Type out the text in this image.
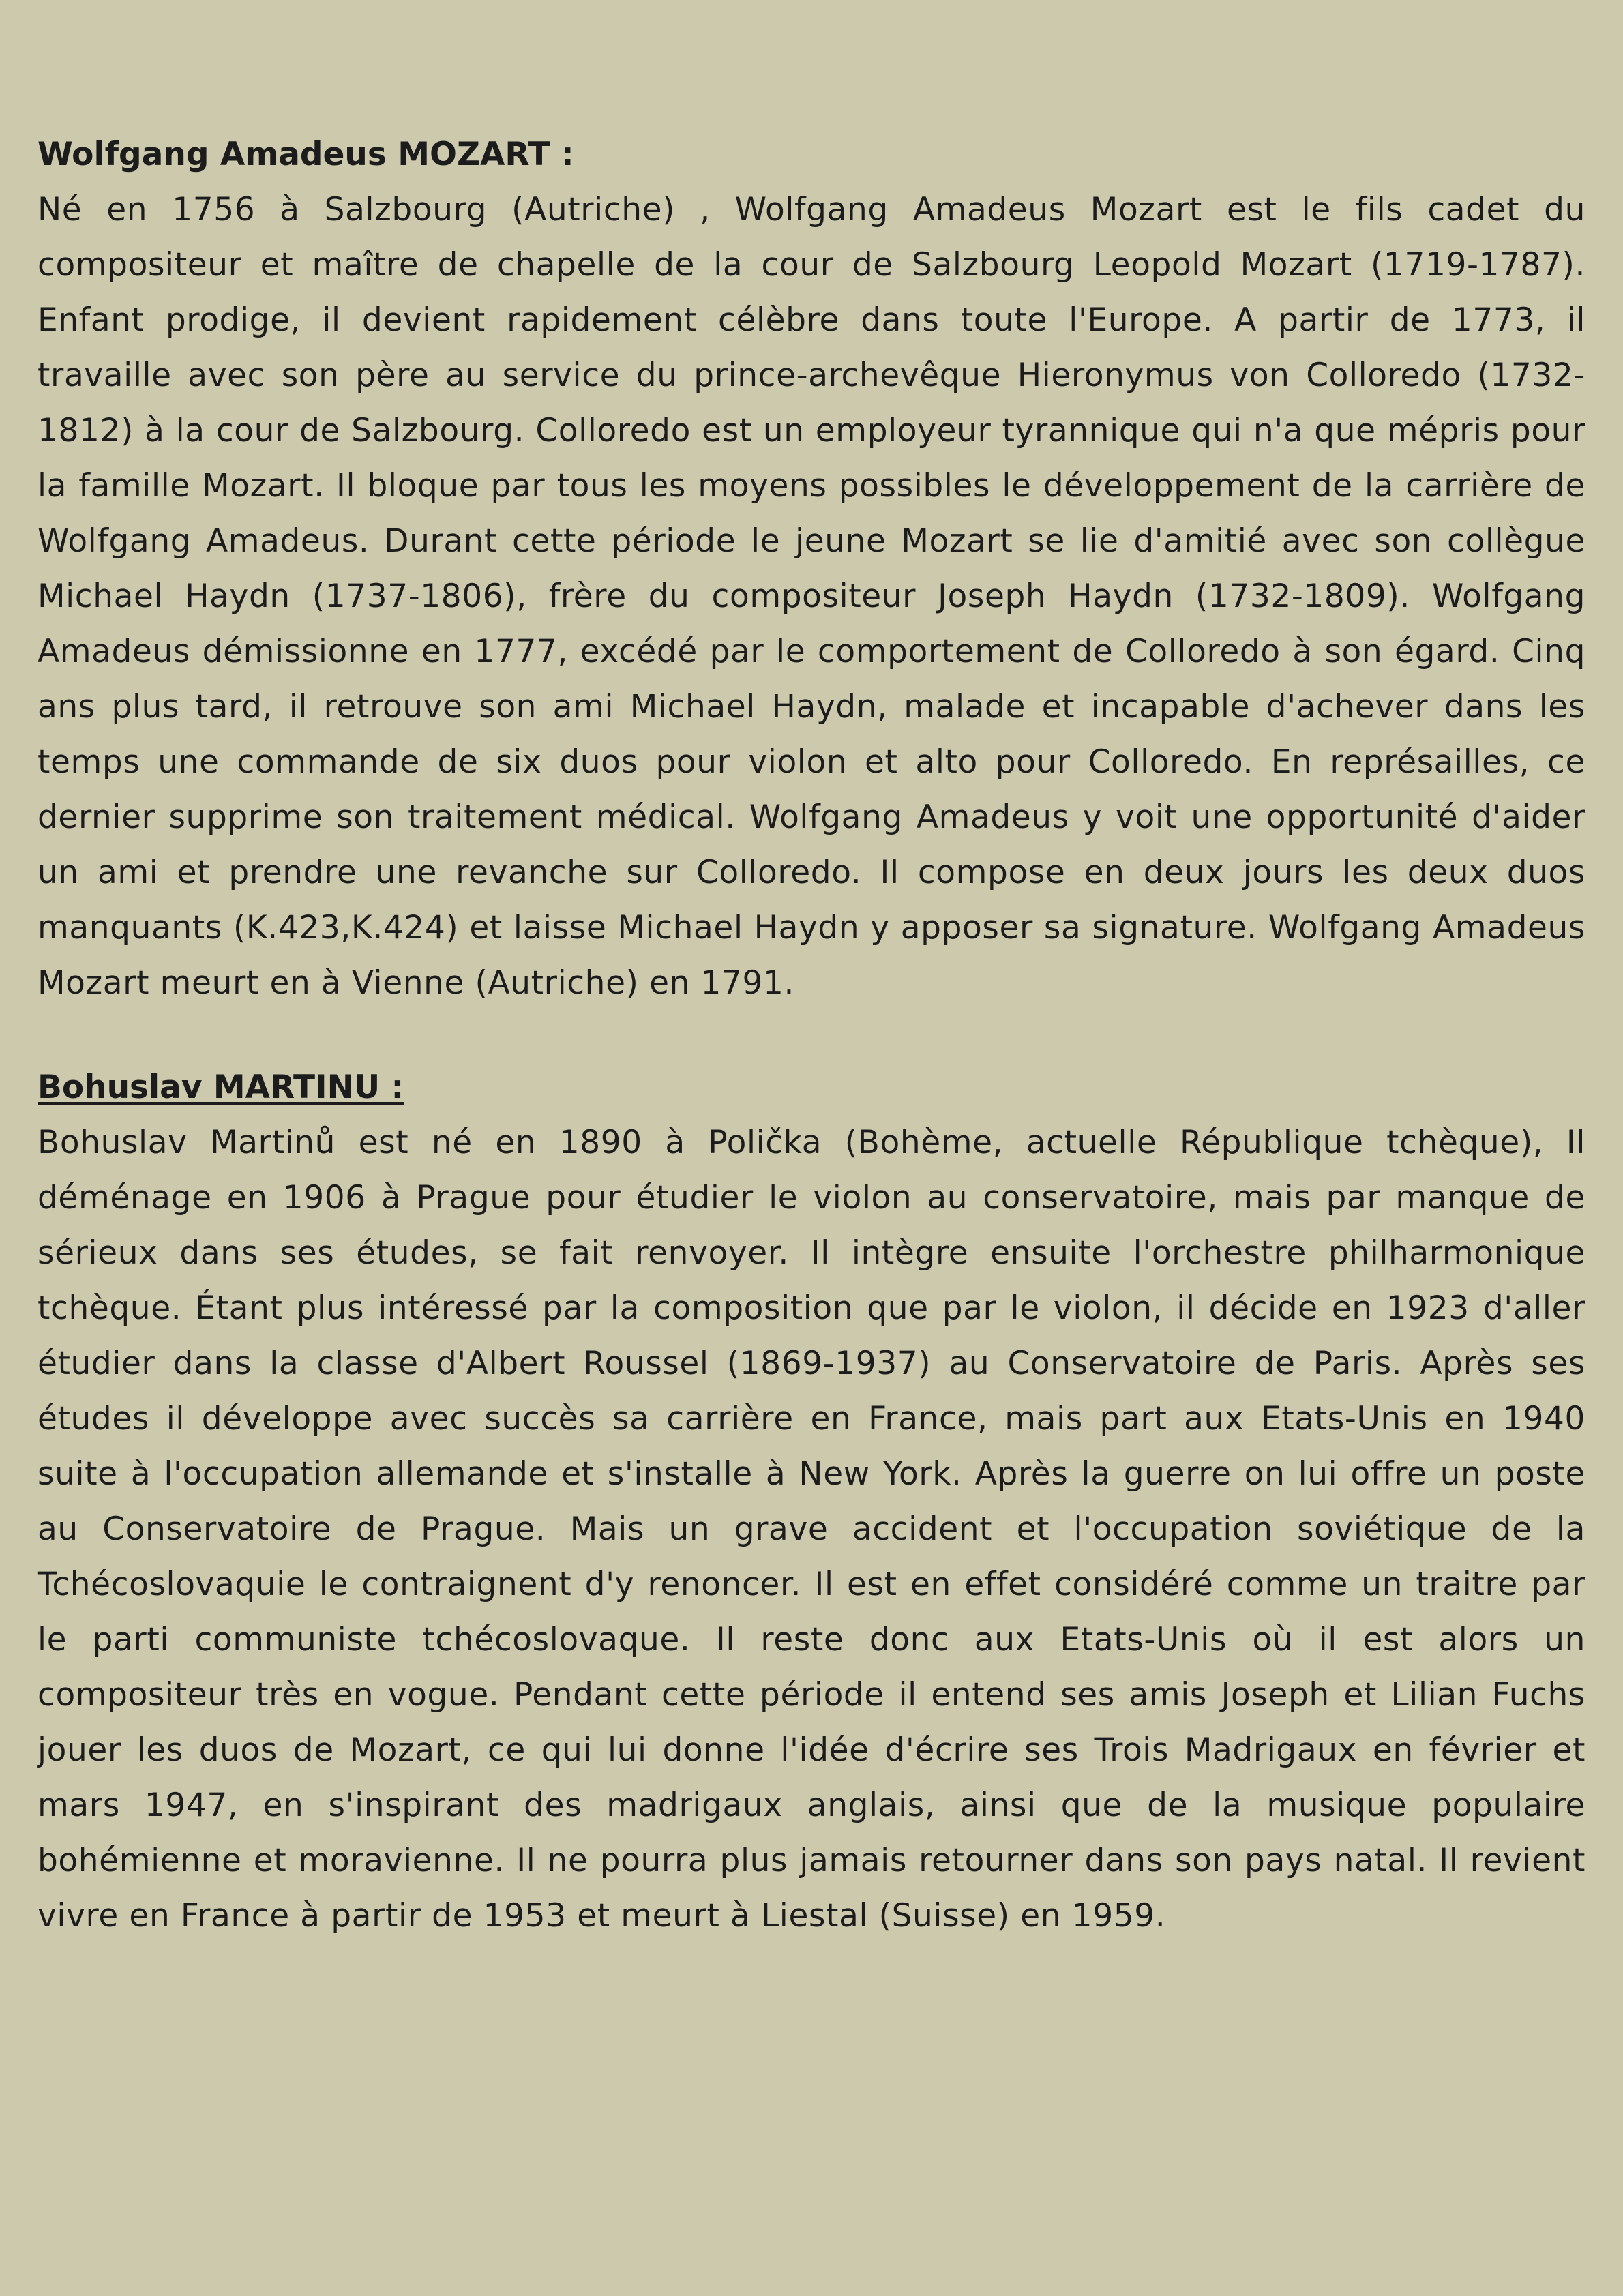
Wolfgang Amadeus MOZART :

Né en 1756 à Salzbourg (Autriche) , Wolfgang Amadeus Mozart est le fils cadet du compositeur et maître de chapelle de la cour de Salzbourg Leopold Mozart (1719-1787). Enfant prodige, il devient rapidement célèbre dans toute l'Europe. A partir de 1773, il travaille avec son père au service du prince-archevêque Hieronymus von Colloredo (1732-1812) à la cour de Salzbourg. Colloredo est un employeur tyrannique qui n'a que mépris pour la famille Mozart. Il bloque par tous les moyens possibles le développement de la carrière de Wolfgang Amadeus. Durant cette période le jeune Mozart se lie d'amitié avec son collègue Michael Haydn (1737-1806), frère du compositeur Joseph Haydn (1732-1809). Wolfgang Amadeus démissionne en 1777, excédé par le comportement de Colloredo à son égard. Cinq ans plus tard, il retrouve son ami Michael Haydn, malade et incapable d'achever dans les temps une commande de six duos pour violon et alto pour Colloredo. En représailles, ce dernier supprime son traitement médical. Wolfgang Amadeus y voit une opportunité d'aider un ami et prendre une revanche sur Colloredo. Il compose en deux jours les deux duos manquants (K.423,K.424) et laisse Michael Haydn y apposer sa signature. Wolfgang Amadeus Mozart meurt en à Vienne (Autriche) en 1791.

Bohuslav MARTINU :

Bohuslav Martinů est né en 1890 à Polička (Bohème, actuelle République tchèque), Il déménage en 1906 à Prague pour étudier le violon au conservatoire, mais par manque de sérieux dans ses études, se fait renvoyer. Il intègre ensuite l'orchestre philharmonique tchèque. Étant plus intéressé par la composition que par le violon, il décide en 1923 d'aller étudier dans la classe d'Albert Roussel (1869-1937) au Conservatoire de Paris. Après ses études il développe avec succès sa carrière en France, mais part aux Etats-Unis en 1940 suite à l'occupation allemande et s'installe à New York. Après la guerre on lui offre un poste au Conservatoire de Prague. Mais un grave accident et l'occupation soviétique de la Tchécoslovaquie le contraignent d'y renoncer. Il est en effet considéré comme un traitre par le parti communiste tchécoslovaque. Il reste donc aux Etats-Unis où il est alors un compositeur très en vogue. Pendant cette période il entend ses amis Joseph et Lilian Fuchs jouer les duos de Mozart, ce qui lui donne l'idée d'écrire ses Trois Madrigaux en février et mars 1947, en s'inspirant des madrigaux anglais, ainsi que de la musique populaire bohémienne et moravienne. Il ne pourra plus jamais retourner dans son pays natal. Il revient vivre en France à partir de 1953 et meurt à Liestal (Suisse) en 1959.
